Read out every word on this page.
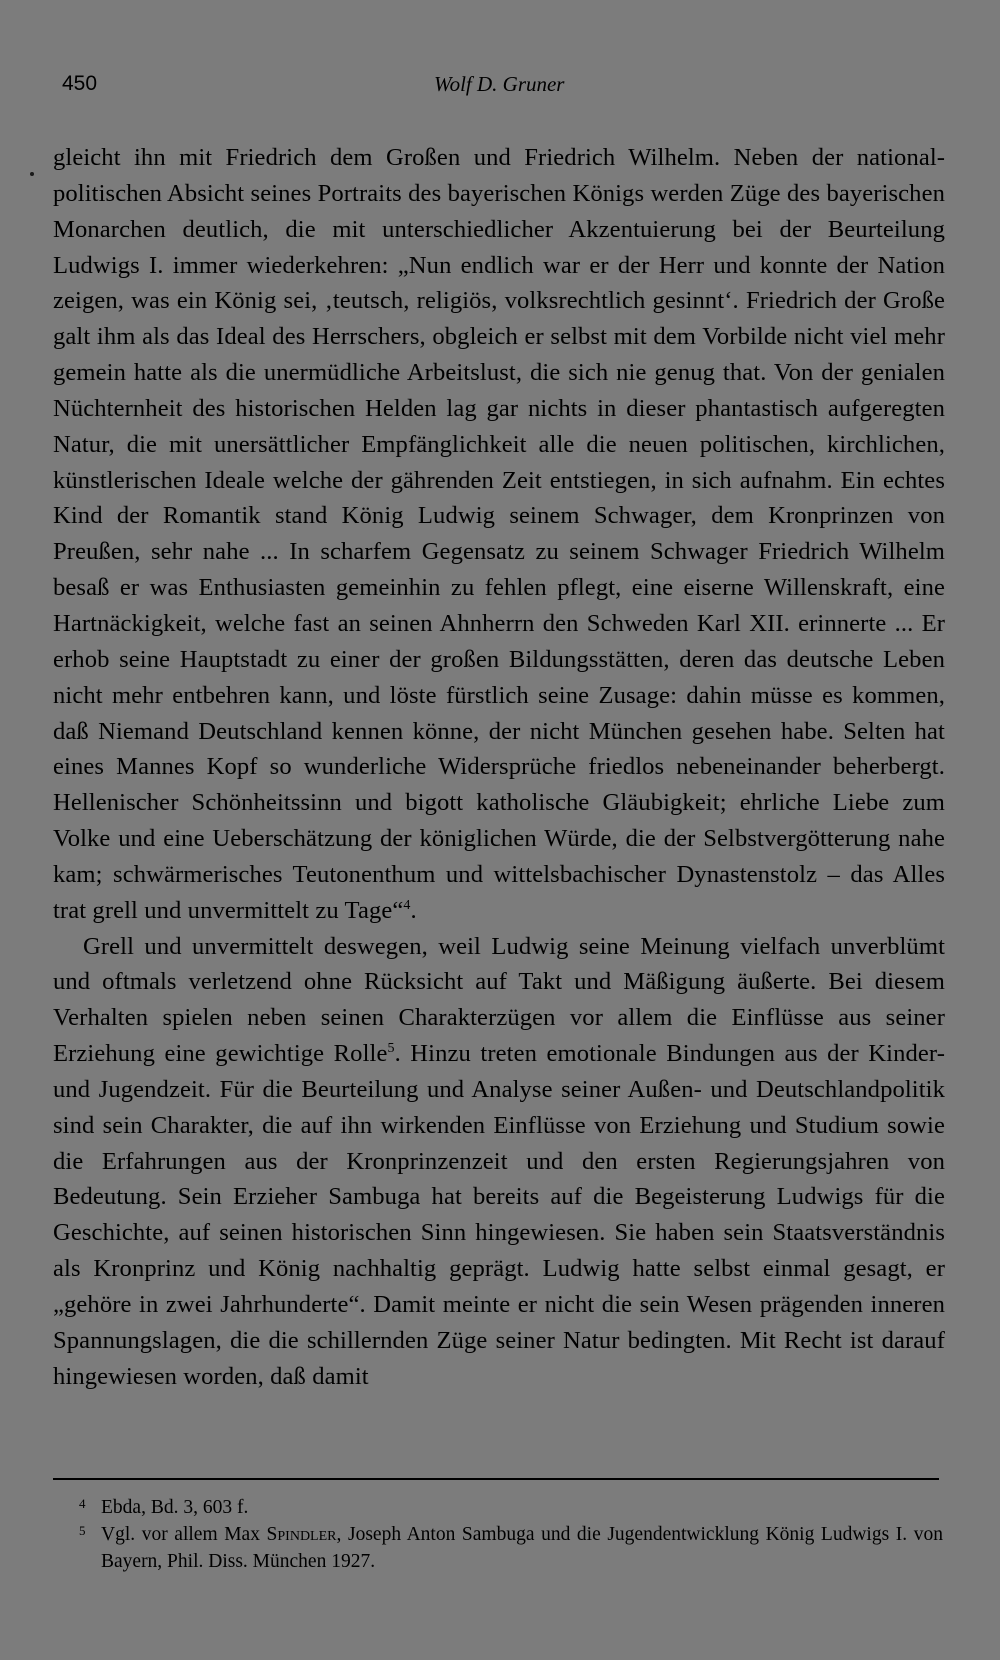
450	Wolf D. Gruner

gleicht ihn mit Friedrich dem Großen und Friedrich Wilhelm. Neben der nationalpolitischen Absicht seines Portraits des bayerischen Königs werden Züge des bayerischen Monarchen deutlich, die mit unterschiedlicher Akzentuierung bei der Beurteilung Ludwigs I. immer wiederkehren: „Nun endlich war er der Herr und konnte der Nation zeigen, was ein König sei, ‚teutsch, religiös, volksrechtlich gesinnt‘. Friedrich der Große galt ihm als das Ideal des Herrschers, obgleich er selbst mit dem Vorbilde nicht viel mehr gemein hatte als die unermüdliche Arbeitslust, die sich nie genug that. Von der genialen Nüchternheit des historischen Helden lag gar nichts in dieser phantastisch aufgeregten Natur, die mit unersättlicher Empfänglichkeit alle die neuen politischen, kirchlichen, künstlerischen Ideale welche der gährenden Zeit entstiegen, in sich aufnahm. Ein echtes Kind der Romantik stand König Ludwig seinem Schwager, dem Kronprinzen von Preußen, sehr nahe ... In scharfem Gegensatz zu seinem Schwager Friedrich Wilhelm besaß er was Enthusiasten gemeinhin zu fehlen pflegt, eine eiserne Willenskraft, eine Hartnäckigkeit, welche fast an seinen Ahnherrn den Schweden Karl XII. erinnerte ... Er erhob seine Hauptstadt zu einer der großen Bildungsstätten, deren das deutsche Leben nicht mehr entbehren kann, und löste fürstlich seine Zusage: dahin müsse es kommen, daß Niemand Deutschland kennen könne, der nicht München gesehen habe. Selten hat eines Mannes Kopf so wunderliche Widersprüche friedlos nebeneinander beherbergt. Hellenischer Schönheitssinn und bigott katholische Gläubigkeit; ehrliche Liebe zum Volke und eine Ueberschätzung der königlichen Würde, die der Selbstvergötterung nahe kam; schwärmerisches Teutonenthum und wittelsbachischer Dynastenstolz – das Alles trat grell und unvermittelt zu Tage“$^4$.

Grell und unvermittelt deswegen, weil Ludwig seine Meinung vielfach unverblümt und oftmals verletzend ohne Rücksicht auf Takt und Mäßigung äußerte. Bei diesem Verhalten spielen neben seinen Charakterzügen vor allem die Einflüsse aus seiner Erziehung eine gewichtige Rolle$^5$. Hinzu treten emotionale Bindungen aus der Kinder- und Jugendzeit. Für die Beurteilung und Analyse seiner Außen- und Deutschlandpolitik sind sein Charakter, die auf ihn wirkenden Einflüsse von Erziehung und Studium sowie die Erfahrungen aus der Kronprinzenzeit und den ersten Regierungsjahren von Bedeutung. Sein Erzieher Sambuga hat bereits auf die Begeisterung Ludwigs für die Geschichte, auf seinen historischen Sinn hingewiesen. Sie haben sein Staatsverständnis als Kronprinz und König nachhaltig geprägt. Ludwig hatte selbst einmal gesagt, er „gehöre in zwei Jahrhunderte“. Damit meinte er nicht die sein Wesen prägenden inneren Spannungslagen, die die schillernden Züge seiner Natur bedingten. Mit Recht ist darauf hingewiesen worden, daß damit

4 Ebda, Bd. 3, 603 f.
5 Vgl. vor allem Max Spindler, Joseph Anton Sambuga und die Jugendentwicklung König Ludwigs I. von Bayern, Phil. Diss. München 1927.
